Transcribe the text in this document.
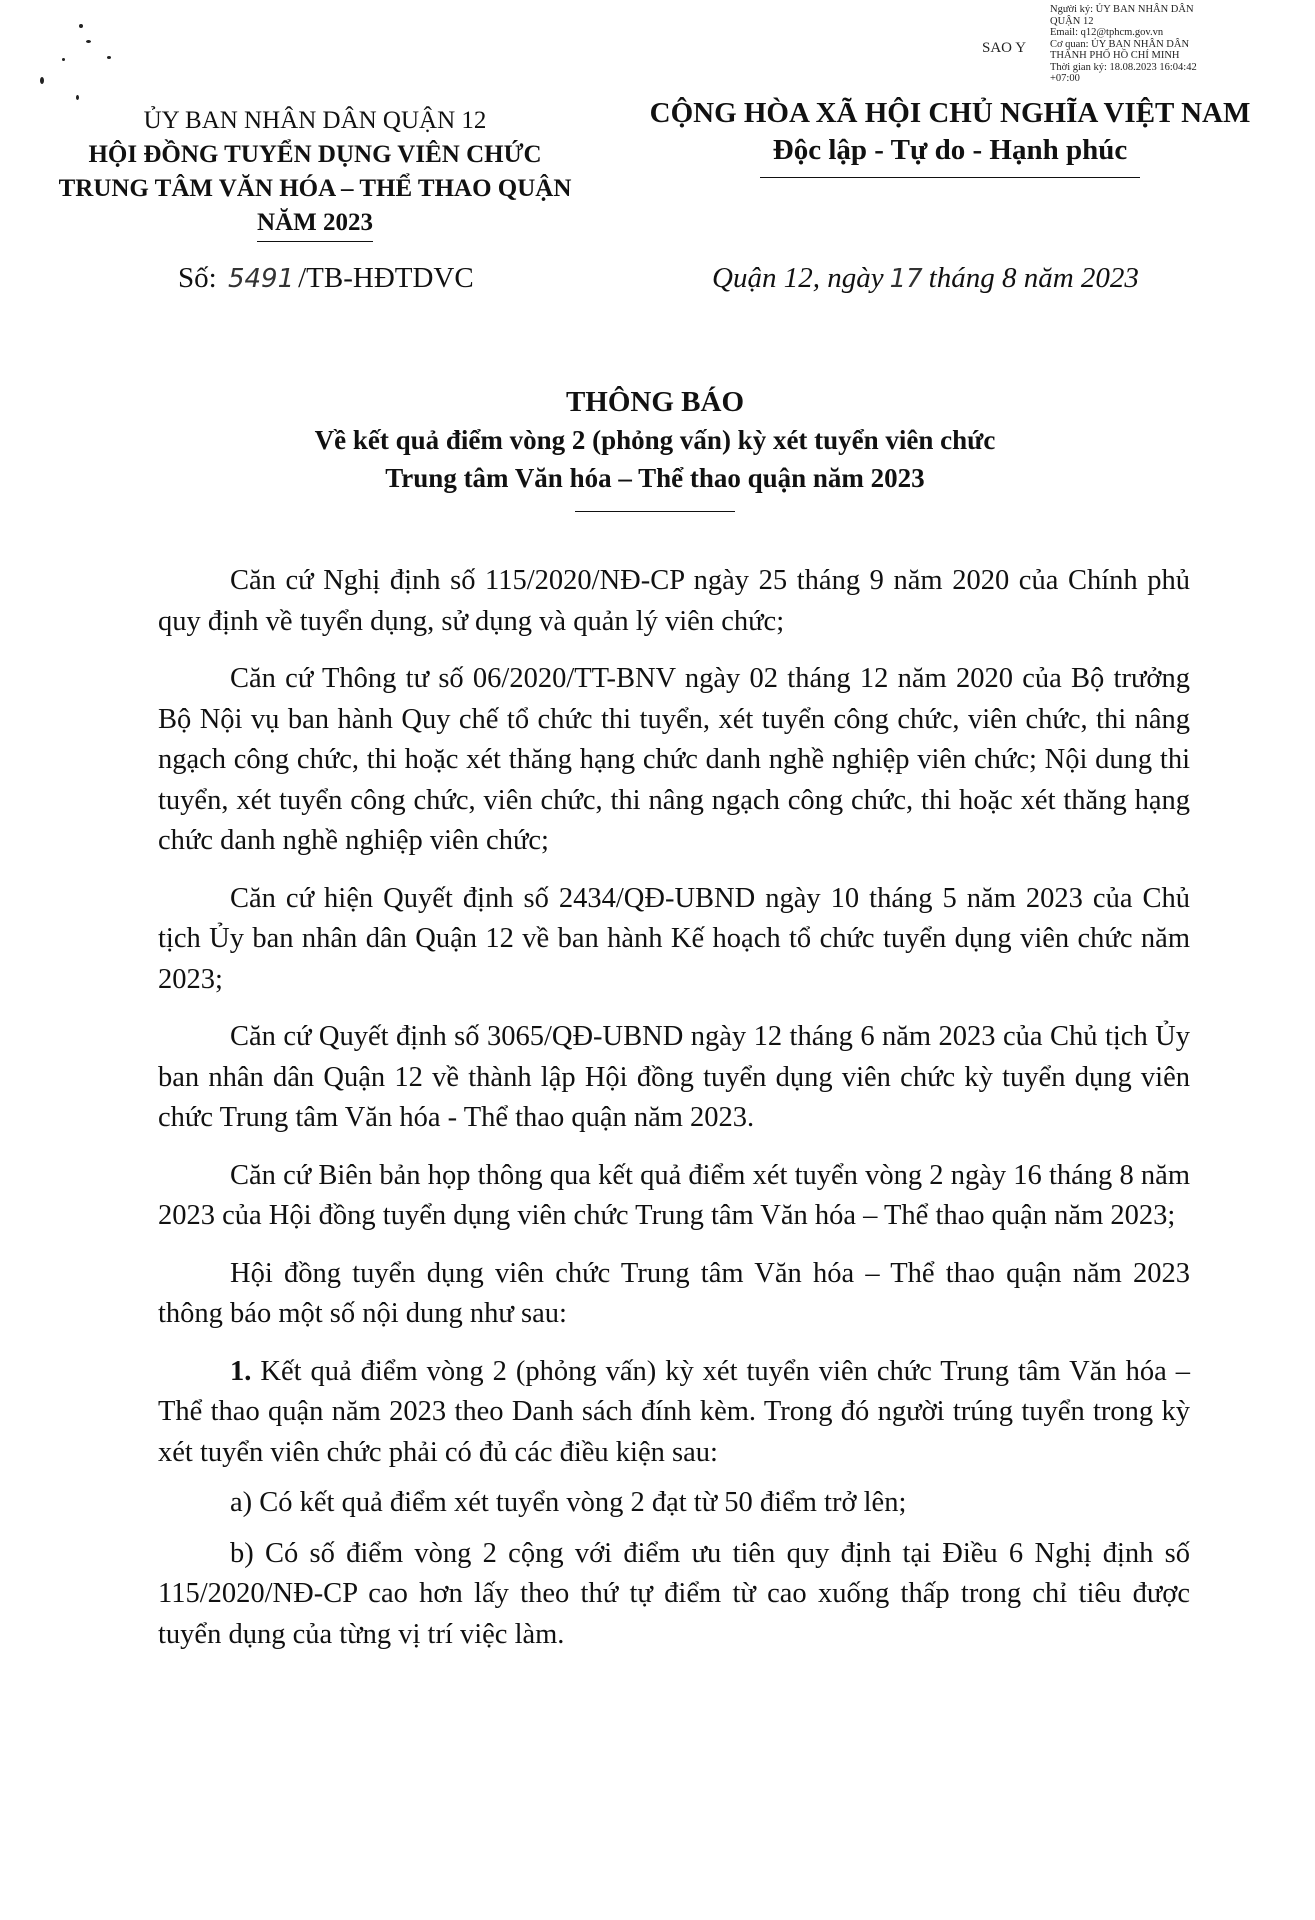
SAO Y
Người ký: ỦY BAN NHÂN DÂN
QUẬN 12
Email: q12@tphcm.gov.vn
Cơ quan: ỦY BAN NHÂN DÂN
THÀNH PHỐ HỒ CHÍ MINH
Thời gian ký: 18.08.2023 16:04:42
+07:00
ỦY BAN NHÂN DÂN QUẬN 12
HỘI ĐỒNG TUYỂN DỤNG VIÊN CHỨC
TRUNG TÂM VĂN HÓA – THỂ THAO QUẬN
NĂM 2023
CỘNG HÒA XÃ HỘI CHỦ NGHĨA VIỆT NAM
Độc lập - Tự do - Hạnh phúc
Số: 5491 /TB-HĐTDVC	Quận 12, ngày 17 tháng 8 năm 2023
THÔNG BÁO
Về kết quả điểm vòng 2 (phỏng vấn) kỳ xét tuyển viên chức
Trung tâm Văn hóa – Thể thao quận năm 2023

Căn cứ Nghị định số 115/2020/NĐ-CP ngày 25 tháng 9 năm 2020 của Chính phủ quy định về tuyển dụng, sử dụng và quản lý viên chức;

Căn cứ Thông tư số 06/2020/TT-BNV ngày 02 tháng 12 năm 2020 của Bộ trưởng Bộ Nội vụ ban hành Quy chế tổ chức thi tuyển, xét tuyển công chức, viên chức, thi nâng ngạch công chức, thi hoặc xét thăng hạng chức danh nghề nghiệp viên chức; Nội dung thi tuyển, xét tuyển công chức, viên chức, thi nâng ngạch công chức, thi hoặc xét thăng hạng chức danh nghề nghiệp viên chức;

Căn cứ hiện Quyết định số 2434/QĐ-UBND ngày 10 tháng 5 năm 2023 của Chủ tịch Ủy ban nhân dân Quận 12 về ban hành Kế hoạch tổ chức tuyển dụng viên chức năm 2023;

Căn cứ Quyết định số 3065/QĐ-UBND ngày 12 tháng 6 năm 2023 của Chủ tịch Ủy ban nhân dân Quận 12 về thành lập Hội đồng tuyển dụng viên chức kỳ tuyển dụng viên chức Trung tâm Văn hóa - Thể thao quận năm 2023.

Căn cứ Biên bản họp thông qua kết quả điểm xét tuyển vòng 2 ngày 16 tháng 8 năm 2023 của Hội đồng tuyển dụng viên chức Trung tâm Văn hóa – Thể thao quận năm 2023;

Hội đồng tuyển dụng viên chức Trung tâm Văn hóa – Thể thao quận năm 2023 thông báo một số nội dung như sau:

1. Kết quả điểm vòng 2 (phỏng vấn) kỳ xét tuyển viên chức Trung tâm Văn hóa – Thể thao quận năm 2023 theo Danh sách đính kèm. Trong đó người trúng tuyển trong kỳ xét tuyển viên chức phải có đủ các điều kiện sau:

a) Có kết quả điểm xét tuyển vòng 2 đạt từ 50 điểm trở lên;

b) Có số điểm vòng 2 cộng với điểm ưu tiên quy định tại Điều 6 Nghị định số 115/2020/NĐ-CP cao hơn lấy theo thứ tự điểm từ cao xuống thấp trong chỉ tiêu được tuyển dụng của từng vị trí việc làm.
